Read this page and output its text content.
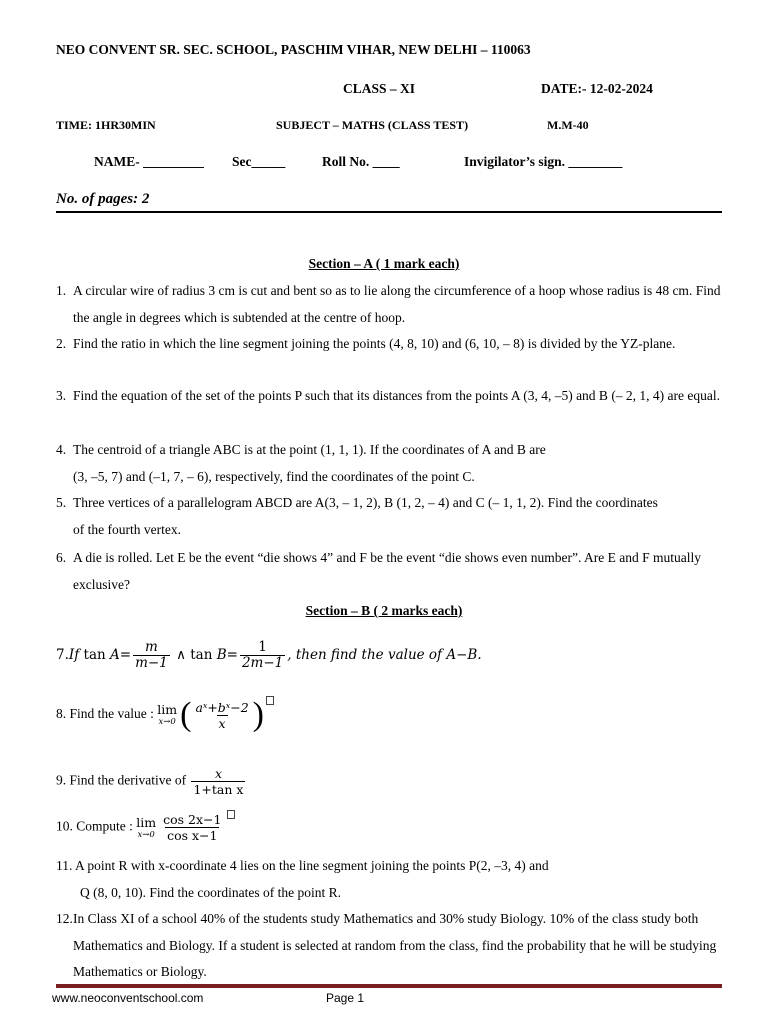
NEO CONVENT SR. SEC. SCHOOL, PASCHIM VIHAR, NEW DELHI – 110063
CLASS – XI	DATE:- 12-02-2024
TIME: 1HR30MIN	SUBJECT – MATHS (CLASS TEST)	M.M-40
NAME- _________ Sec_____	Roll No. ____	Invigilator’s sign. ________
No. of pages: 2
Section – A ( 1 mark each)
1. A circular wire of radius 3 cm is cut and bent so as to lie along the circumference of a hoop whose radius is 48 cm. Find the angle in degrees which is subtended at the centre of hoop.
2. Find the ratio in which the line segment joining the points (4, 8, 10) and (6, 10, – 8) is divided by the YZ-plane.
3. Find the equation of the set of the points P such that its distances from the points A (3, 4, –5) and B (– 2, 1, 4) are equal.
4. The centroid of a triangle ABC is at the point (1, 1, 1). If the coordinates of A and B are
(3, –5, 7) and (–1, 7, – 6), respectively, find the coordinates of the point C.
5. Three vertices of a parallelogram ABCD are A(3, – 1, 2), B (1, 2, – 4) and C (– 1, 1, 2). Find the coordinates of the fourth vertex.
6. A die is rolled. Let E be the event “die shows 4” and F be the event “die shows even number”. Are E and F mutually exclusive?
Section – B ( 2 marks each)
7.If $\tan A= \frac{m}{m-1}$ ∧ $\tan B= \frac{1}{2m-1}$ , then find the value of A−B.
8. Find the value : lim
x→0 ( $\frac{\text{aˣ+bˣ−2}}{x}$ )
9. Find the derivative of $\frac{x}{\text{1+tan x}}$
10. Compute : lim
$x\to 0 \frac{\cos 2x-1}{\text{cos x−1}}$
11. A point R with x-coordinate 4 lies on the line segment joining the points P(2, –3, 4) and
Q (8, 0, 10). Find the coordinates of the point R.
12. In Class XI of a school 40% of the students study Mathematics and 30% study Biology. 10% of the class study both Mathematics and Biology. If a student is selected at random from the class, find the probability that he will be studying Mathematics or Biology.
www.neoconventschool.com	Page 1
